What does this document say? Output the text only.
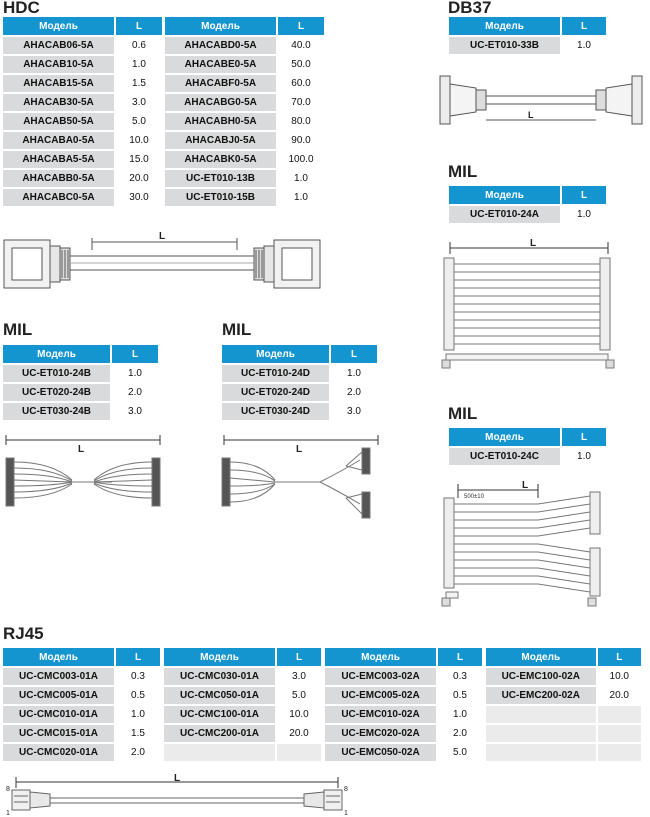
HDC
Модель	L
AHACAB06-5A	0.6
AHACAB10-5A	1.0
AHACAB15-5A	1.5
AHACAB30-5A	3.0
AHACAB50-5A	5.0
AHACABA0-5A	10.0
AHACABA5-5A	15.0
AHACABB0-5A	20.0
AHACABC0-5A	30.0
Модель	L
AHACABD0-5A	40.0
AHACABE0-5A	50.0
AHACABF0-5A	60.0
AHACABG0-5A	70.0
AHACABH0-5A	80.0
AHACABJ0-5A	90.0
AHACABK0-5A	100.0
UC-ET010-13B	1.0
UC-ET010-15B	1.0
L
DB37
Модель	L
UC-ET010-33B	1.0
L
MIL
Модель	L
UC-ET010-24A	1.0
L
MIL
Модель	L
UC-ET010-24B	1.0
UC-ET020-24B	2.0
UC-ET030-24B	3.0
L
MIL
Модель	L
UC-ET010-24D	1.0
UC-ET020-24D	2.0
UC-ET030-24D	3.0
L
MIL
Модель	L
UC-ET010-24C	1.0
500±10
L
RJ45
Модель	L
UC-CMC003-01A	0.3
UC-CMC005-01A	0.5
UC-CMC010-01A	1.0
UC-CMC015-01A	1.5
UC-CMC020-01A	2.0
Модель	L
UC-CMC030-01A	3.0
UC-CMC050-01A	5.0
UC-CMC100-01A	10.0
UC-CMC200-01A	20.0

Модель	L
UC-EMC003-02A	0.3
UC-EMC005-02A	0.5
UC-EMC010-02A	1.0
UC-EMC020-02A	2.0
UC-EMC050-02A	5.0
Модель	L
UC-EMC100-02A	10.0
UC-EMC200-02A	20.0

L
8
1
8
1
